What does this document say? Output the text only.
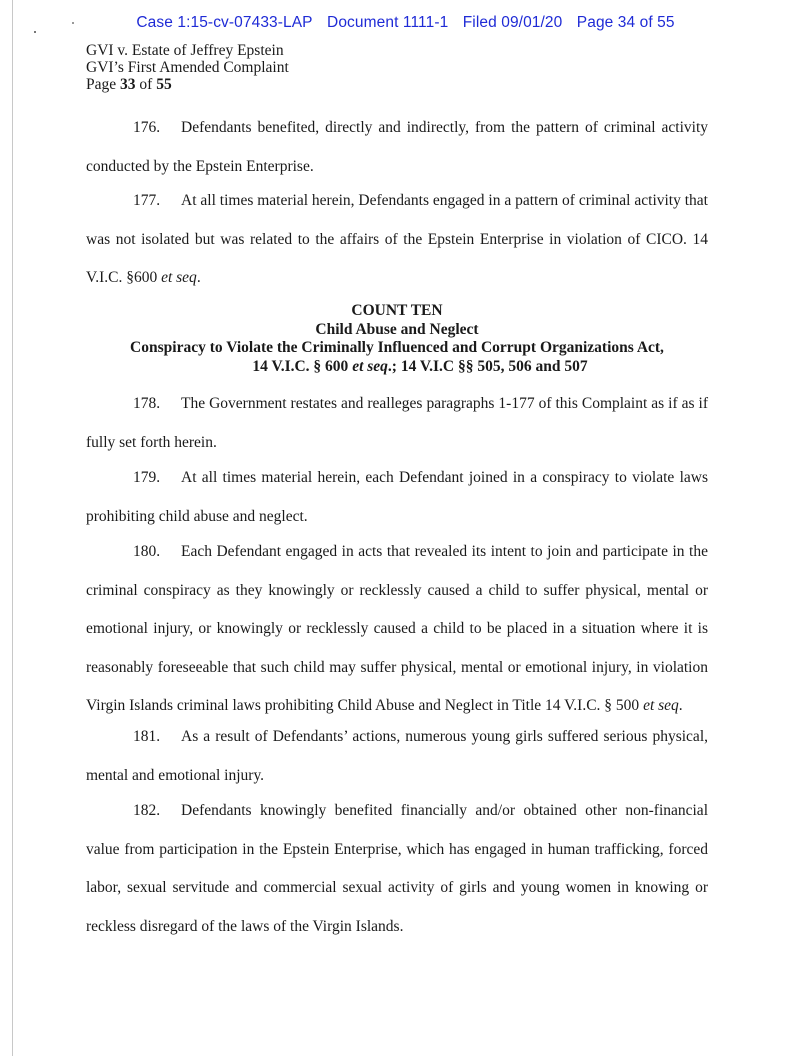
Case 1:15-cv-07433-LAP Document 1111-1 Filed 09/01/20 Page 34 of 55
GVI v. Estate of Jeffrey Epstein
GVI’s First Amended Complaint
Page 33 of 55

176. Defendants benefited, directly and indirectly, from the pattern of criminal activity conducted by the Epstein Enterprise.

177. At all times material herein, Defendants engaged in a pattern of criminal activity that was not isolated but was related to the affairs of the Epstein Enterprise in violation of CICO. 14 V.I.C. §600 et seq.

COUNT TEN
Child Abuse and Neglect
Conspiracy to Violate the Criminally Influenced and Corrupt Organizations Act,
14 V.I.C. § 600 et seq.; 14 V.I.C §§ 505, 506 and 507

178. The Government restates and realleges paragraphs 1-177 of this Complaint as if as if fully set forth herein.

179. At all times material herein, each Defendant joined in a conspiracy to violate laws prohibiting child abuse and neglect.

180. Each Defendant engaged in acts that revealed its intent to join and participate in the criminal conspiracy as they knowingly or recklessly caused a child to suffer physical, mental or emotional injury, or knowingly or recklessly caused a child to be placed in a situation where it is reasonably foreseeable that such child may suffer physical, mental or emotional injury, in violation Virgin Islands criminal laws prohibiting Child Abuse and Neglect in Title 14 V.I.C. § 500 et seq.

181. As a result of Defendants’ actions, numerous young girls suffered serious physical, mental and emotional injury.

182. Defendants knowingly benefited financially and/or obtained other non-financial value from participation in the Epstein Enterprise, which has engaged in human trafficking, forced labor, sexual servitude and commercial sexual activity of girls and young women in knowing or reckless disregard of the laws of the Virgin Islands.
